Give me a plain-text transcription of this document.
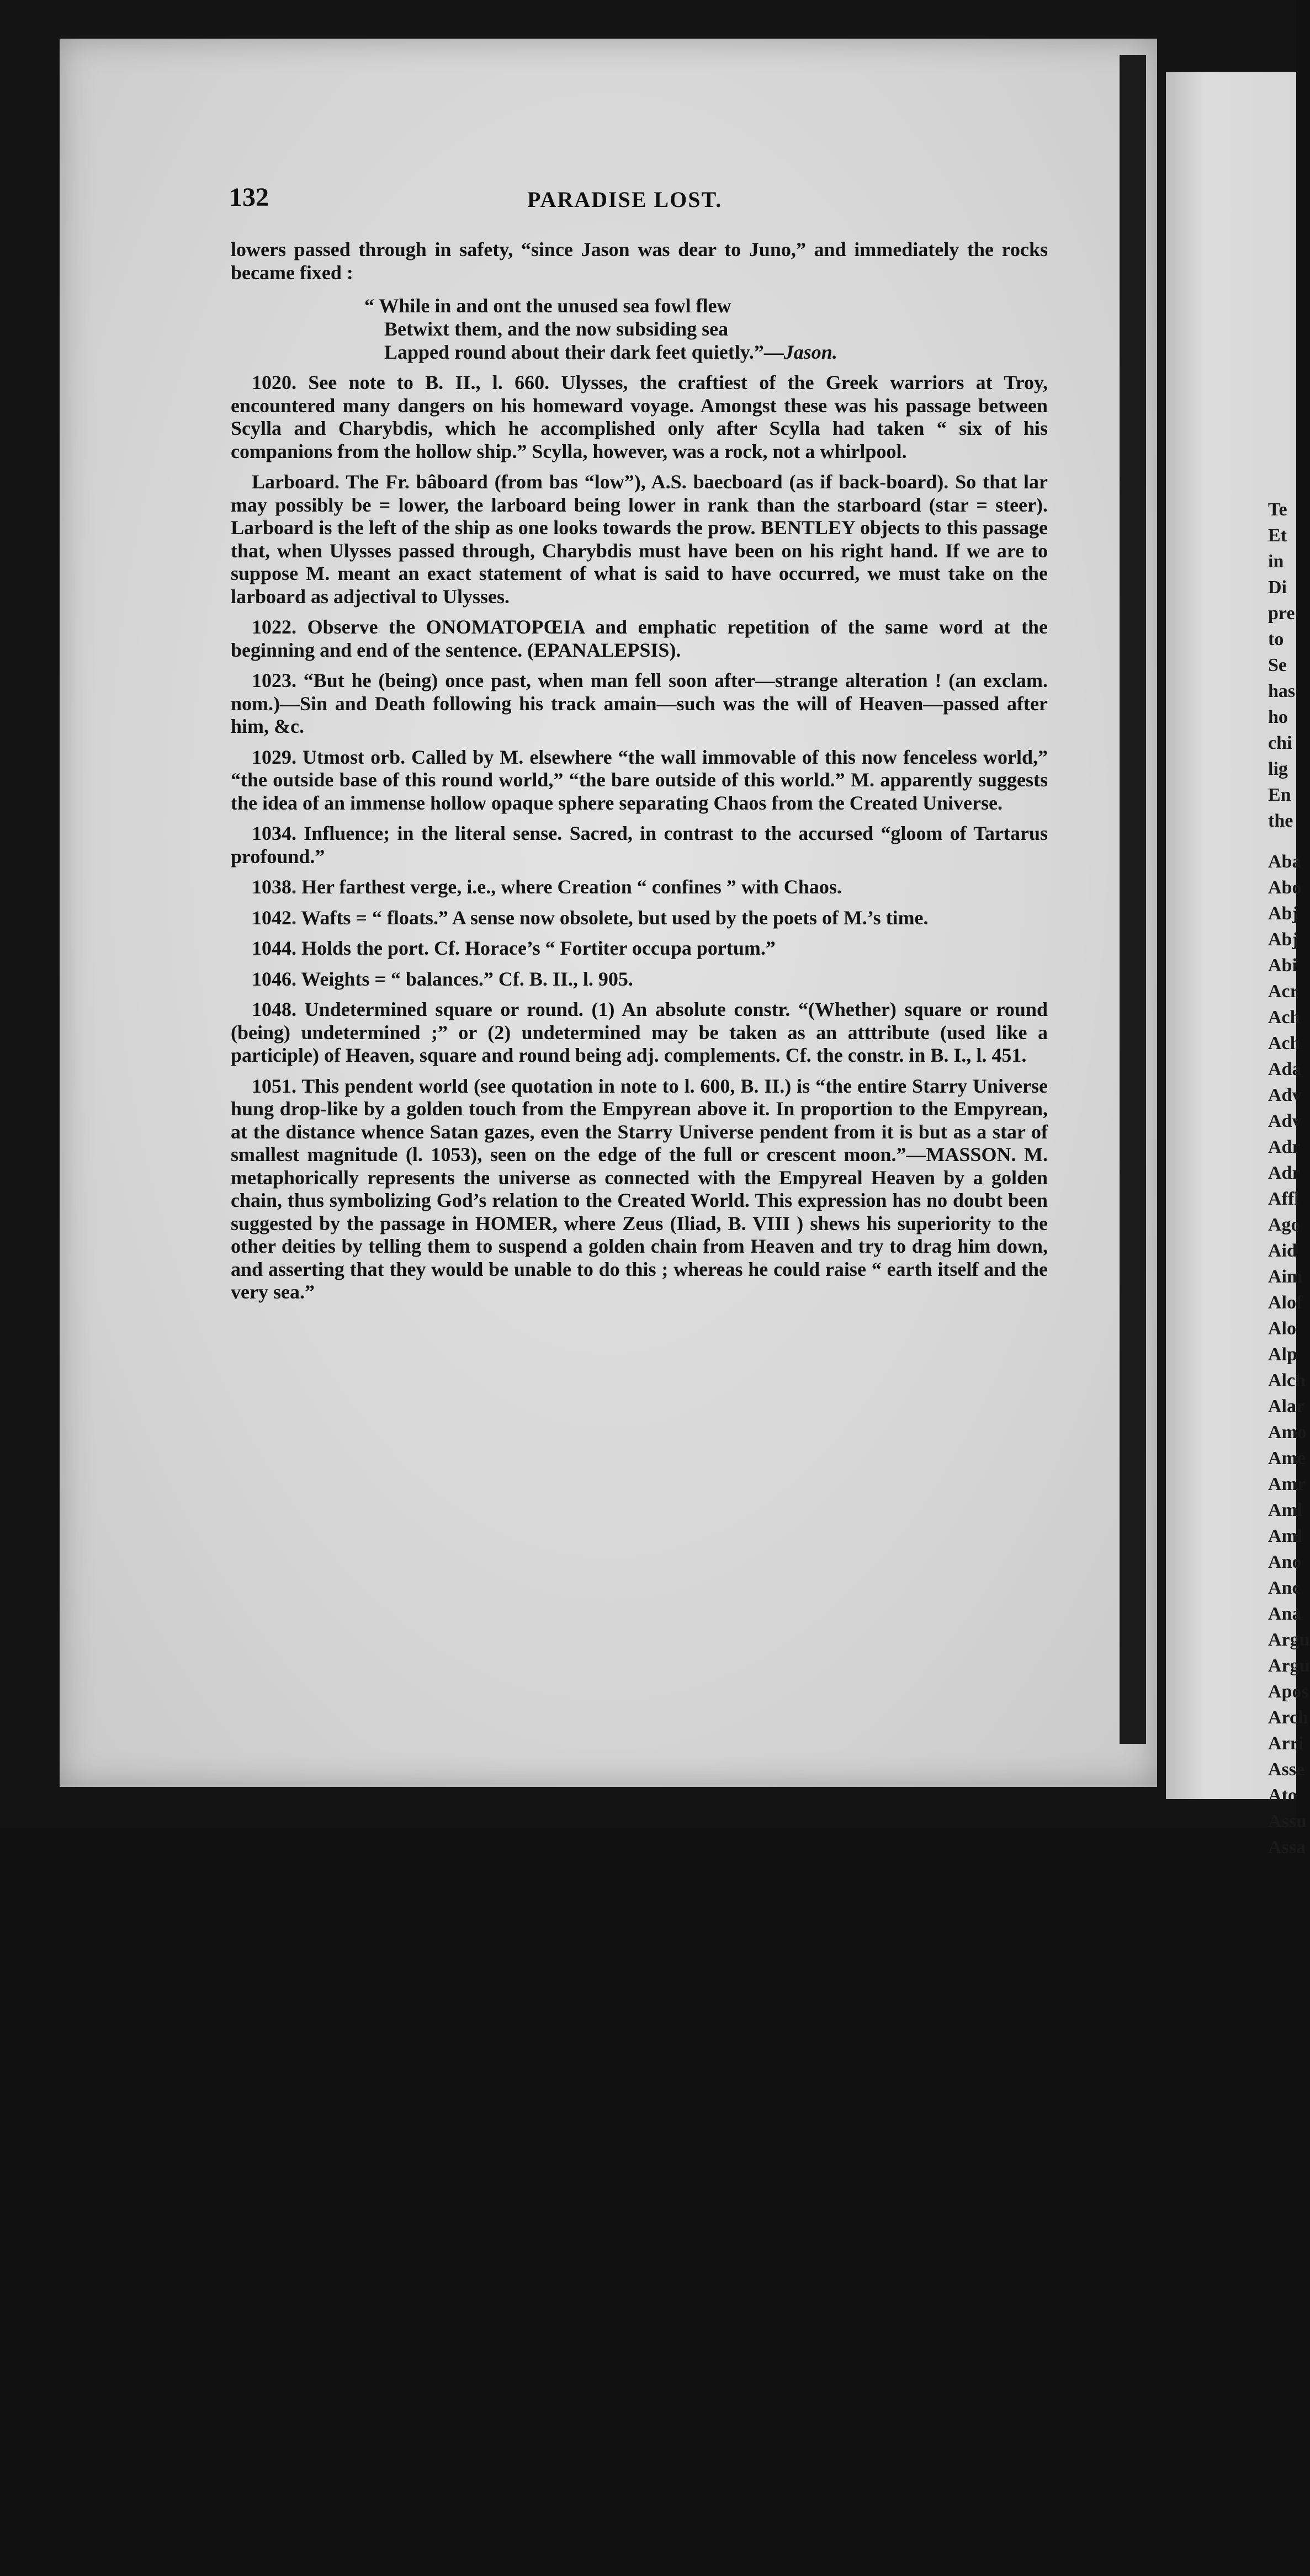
Te
Et
in
Di
pre
to
Se
has
ho
chi
lig
En
the
Aba
Abo
Abj
Abj
Abi
Acr
Ach
Ach
Ada
Adv
Adv
Adr
Adr
Affl
Ago
Aid
Aim
Alof
Alo
Alp
Alch
Alar
Amo
Ame
Amr
Aml
Aml
Ano
Anc
Ana
Argu
Argu
Apos
Arch
Arri
Asse
Ato
Assu
Assa
132	PARADISE LOST.

lowers passed through in safety, “since Jason was dear to Juno,” and immediately the rocks became fixed :

“ While in and ont the unused sea fowl flew
Betwixt them, and the now subsiding sea
Lapped round about their dark feet quietly.”—Jason.

1020. See note to B. II., l. 660. Ulysses, the craftiest of the Greek warriors at Troy, encountered many dangers on his homeward voyage. Amongst these was his passage between Scylla and Charybdis, which he accomplished only after Scylla had taken “ six of his companions from the hollow ship.” Scylla, however, was a rock, not a whirlpool.

Larboard. The Fr. bâboard (from bas “low”), A.S. baecboard (as if back-board). So that lar may possibly be = lower, the larboard being lower in rank than the starboard (star = steer). Larboard is the left of the ship as one looks towards the prow. BENTLEY objects to this passage that, when Ulysses passed through, Charybdis must have been on his right hand. If we are to suppose M. meant an exact statement of what is said to have occurred, we must take on the larboard as adjectival to Ulysses.

1022. Observe the ONOMATOPŒIA and emphatic repetition of the same word at the beginning and end of the sentence. (EPANALEPSIS).

1023. “But he (being) once past, when man fell soon after—strange alteration ! (an exclam. nom.)—Sin and Death following his track amain—such was the will of Heaven—passed after him, &c.

1029. Utmost orb. Called by M. elsewhere “the wall immovable of this now fenceless world,” “the outside base of this round world,” “the bare outside of this world.” M. apparently suggests the idea of an immense hollow opaque sphere separating Chaos from the Created Universe.

1034. Influence; in the literal sense. Sacred, in contrast to the accursed “gloom of Tartarus profound.”

1038. Her farthest verge, i.e., where Creation “ confines ” with Chaos.

1042. Wafts = “ floats.” A sense now obsolete, but used by the poets of M.’s time.

1044. Holds the port. Cf. Horace’s “ Fortiter occupa portum.”

1046. Weights = “ balances.” Cf. B. II., l. 905.

1048. Undetermined square or round. (1) An absolute constr. “(Whether) square or round (being) undetermined ;” or (2) undetermined may be taken as an atttribute (used like a participle) of Heaven, square and round being adj. complements. Cf. the constr. in B. I., l. 451.

1051. This pendent world (see quotation in note to l. 600, B. II.) is “the entire Starry Universe hung drop-like by a golden touch from the Empyrean above it. In proportion to the Empyrean, at the distance whence Satan gazes, even the Starry Universe pendent from it is but as a star of smallest magnitude (l. 1053), seen on the edge of the full or crescent moon.”—MASSON. M. metaphorically represents the universe as connected with the Empyreal Heaven by a golden chain, thus symbolizing God’s relation to the Created World. This expression has no doubt been suggested by the passage in HOMER, where Zeus (Iliad, B. VIII ) shews his superiority to the other deities by telling them to suspend a golden chain from Heaven and try to drag him down, and asserting that they would be unable to do this ; whereas he could raise “ earth itself and the very sea.”
